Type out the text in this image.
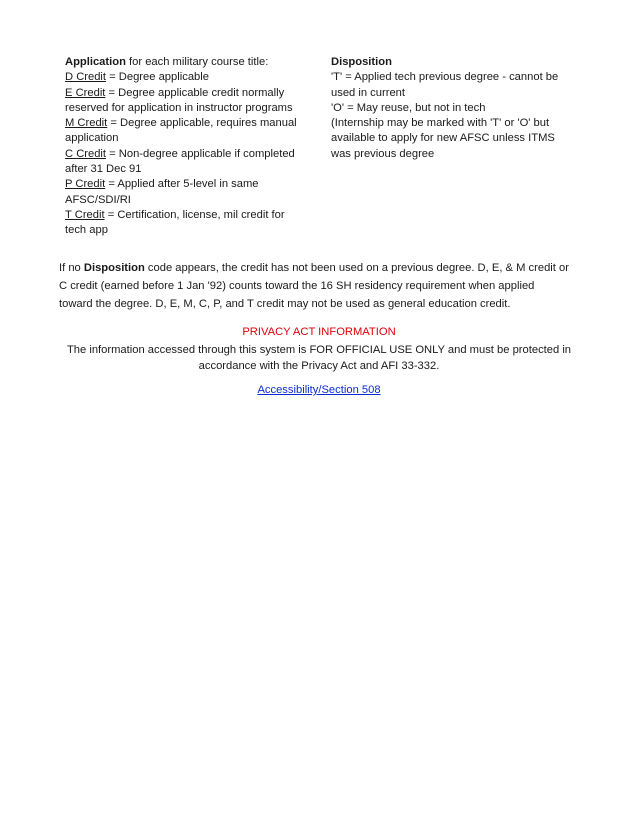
Application for each military course title:
D Credit = Degree applicable
E Credit = Degree applicable credit normally
reserved for application in instructor programs
M Credit = Degree applicable, requires manual
application
C Credit = Non-degree applicable if completed
after 31 Dec 91
P Credit = Applied after 5-level in same
AFSC/SDI/RI
T Credit = Certification, license, mil credit for
tech app
Disposition
'T' = Applied tech previous degree - cannot be
used in current
'O' = May reuse, but not in tech
(Internship may be marked with 'T' or 'O' but
available to apply for new AFSC unless ITMS
was previous degree
If no Disposition code appears, the credit has not been used on a previous degree. D, E, & M credit or
C credit (earned before 1 Jan '92) counts toward the 16 SH residency requirement when applied
toward the degree. D, E, M, C, P, and T credit may not be used as general education credit.
PRIVACY ACT INFORMATION
The information accessed through this system is FOR OFFICIAL USE ONLY and must be protected in
accordance with the Privacy Act and AFI 33-332.
Accessibility/Section 508
